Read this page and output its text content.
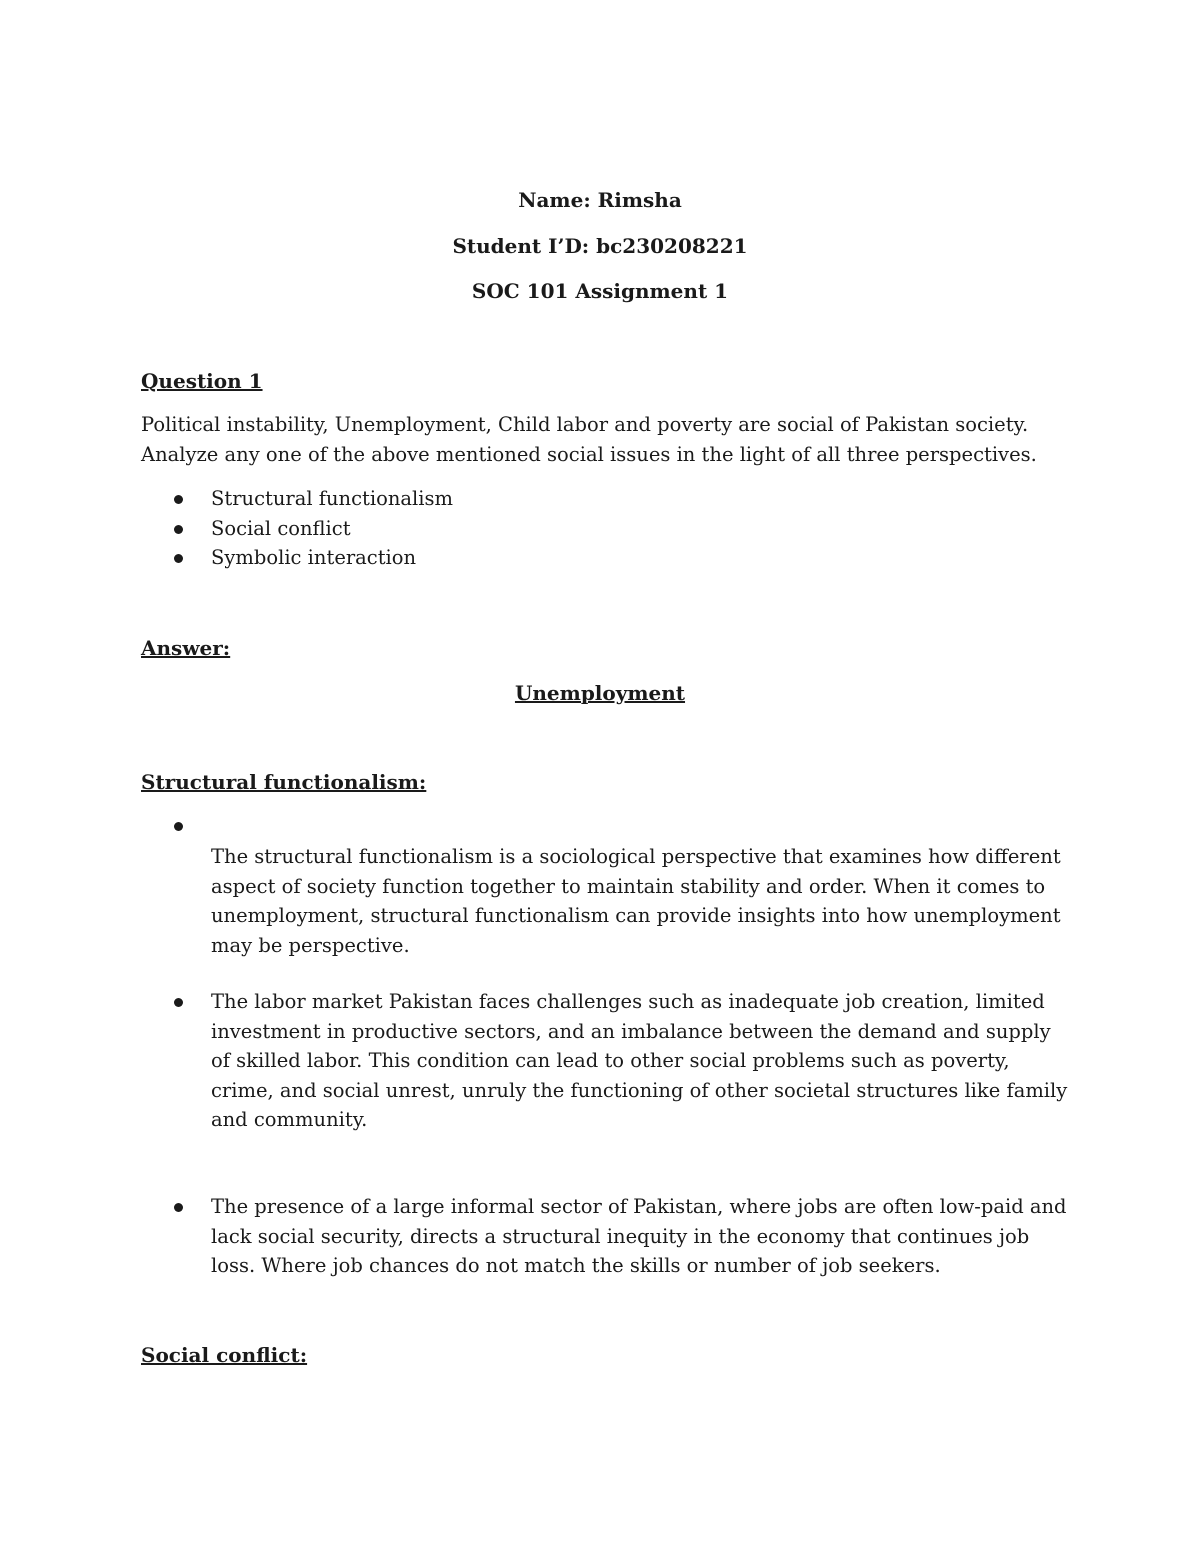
Name: Rimsha
Student I’D: bc230208221
SOC 101 Assignment 1
Question 1
Political instability, Unemployment, Child labor and poverty are social of Pakistan society. Analyze any one of the above mentioned social issues in the light of all three perspectives.
Structural functionalism
Social conflict
Symbolic interaction
Answer:
Unemployment
Structural functionalism:
The structural functionalism is a sociological perspective that examines how different aspect of society function together to maintain stability and order. When it comes to unemployment, structural functionalism can provide insights into how unemployment may be perspective.
The labor market Pakistan faces challenges such as inadequate job creation, limited investment in productive sectors, and an imbalance between the demand and supply of skilled labor. This condition can lead to other social problems such as poverty, crime, and social unrest, unruly the functioning of other societal structures like family and community.
The presence of a large informal sector of Pakistan, where jobs are often low-paid and lack social security, directs a structural inequity in the economy that continues job loss. Where job chances do not match the skills or number of job seekers.
Social conflict:
